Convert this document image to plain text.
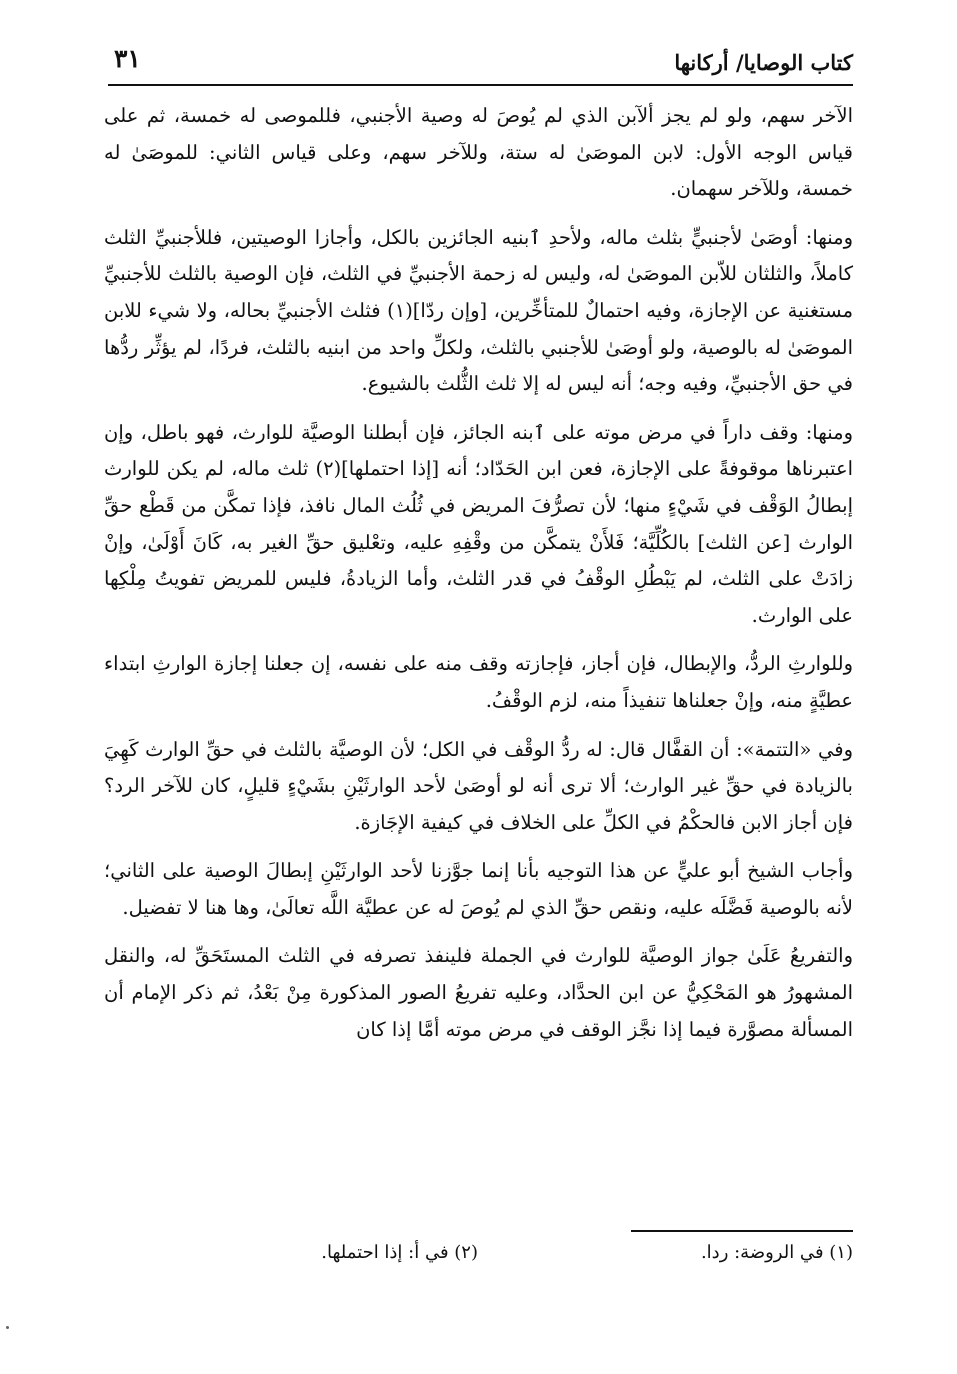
كتاب الوصايا/ أركانها
٣١

الآخر سهم، ولو لم يجز ألآبن الذي لم يُوصَ له وصية الأجنبي، فللموصى له خمسة، ثم على قياس الوجه الأول: لابن الموصَىٰ له ستة، وللآخر سهم، وعلى قياس الثاني: للموصَىٰ له خمسة، وللآخر سهمان.

ومنها: أوصَىٰ لأجنبيٍّ بثلث ماله، ولأحدِ ٱبنيه الجائزين بالكل، وأجازا الوصيتين، فللأجنبيِّ الثلث كاملاً، والثلثان للاّبن الموصَىٰ له، وليس له زحمة الأجنبيِّ في الثلث، فإن الوصية بالثلث للأجنبيِّ مستغنية عن الإجازة، وفيه احتمالٌ للمتأخِّرين، [وإن ردّا](١) فثلث الأجنبيِّ بحاله، ولا شيء للابن الموصَىٰ له بالوصية، ولو أوصَىٰ للأجنبي بالثلث، ولكلِّ واحد من ابنيه بالثلث، فردًا، لم يؤثِّر ردُّها في حق الأجنبيِّ، وفيه وجه؛ أنه ليس له إلا ثلث الثُّلث بالشيوع.

ومنها: وقف داراً في مرض موته على ٱبنه الجائز، فإن أبطلنا الوصيَّة للوارث، فهو باطل، وإن اعتبرناها موقوفةً على الإجازة، فعن ابن الحَدّاد؛ أنه [إذا احتملها](٢) ثلث ماله، لم يكن للوارث إبطالُ الوَقْف في شَيْءٍ منها؛ لأن تصرُّفَ المريض في ثُلُث المال نافذ، فإذا تمكَّن من قَطْع حقِّ الوارث [عن الثلث] بالكُلِّيَّة؛ فَلأَنْ يتمكَّن من وقْفِهِ عليه، وتعْليق حقِّ الغير به، كَانَ أَوْلَىٰ، وإنْ زادَتْ على الثلث، لم يَبْطُلِ الوقْفُ في قدر الثلث، وأما الزيادةُ، فليس للمريض تفويتُ مِلْكِها على الوارث.

وللوارثِ الردُّ، والإبطال، فإن أجاز، فإجازته وقف منه على نفسه، إن جعلنا إجازة الوارثِ ابتداء عطيَّةٍ منه، وإنْ جعلناها تنفيذاً منه، لزم الوقْفُ.

وفي «التتمة»: أن القفَّال قال: له ردُّ الوقْف في الكل؛ لأن الوصيَّة بالثلث في حقِّ الوارث كَهِيَ بالزيادة في حقِّ غير الوارث؛ ألا ترى أنه لو أوصَىٰ لأحد الوارثَيْنِ بشَيْءٍ قليلٍ، كان للآخر الرد؟ فإن أجاز الابن فالحكْمُ في الكلِّ على الخلاف في كيفية الإجَازة.

وأجاب الشيخ أبو عليٍّ عن هذا التوجيه بأنا إنما جوَّزنا لأحد الوارثَيْنِ إبطالَ الوصية على الثاني؛ لأنه بالوصية فَضَّلَه عليه، ونقص حقِّ الذي لم يُوصَ له عن عطيَّة اللَّه تعالَىٰ، وها هنا لا تفضيل.

والتفريعُ عَلَىٰ جواز الوصيَّة للوارث في الجملة فلينفذ تصرفه في الثلث المستَحَقِّ له، والنقل المشهورُ هو المَحْكِيُّ عن ابن الحدَّاد، وعليه تفريعُ الصور المذكورة مِنْ بَعْدُ، ثم ذكر الإمام أن المسألة مصوَّرة فيما إذا نجَّز الوقف في مرض موته أمَّا إذا كان

(١) في الروضة: ردا.
(٢) في أ: إذا احتملها.
